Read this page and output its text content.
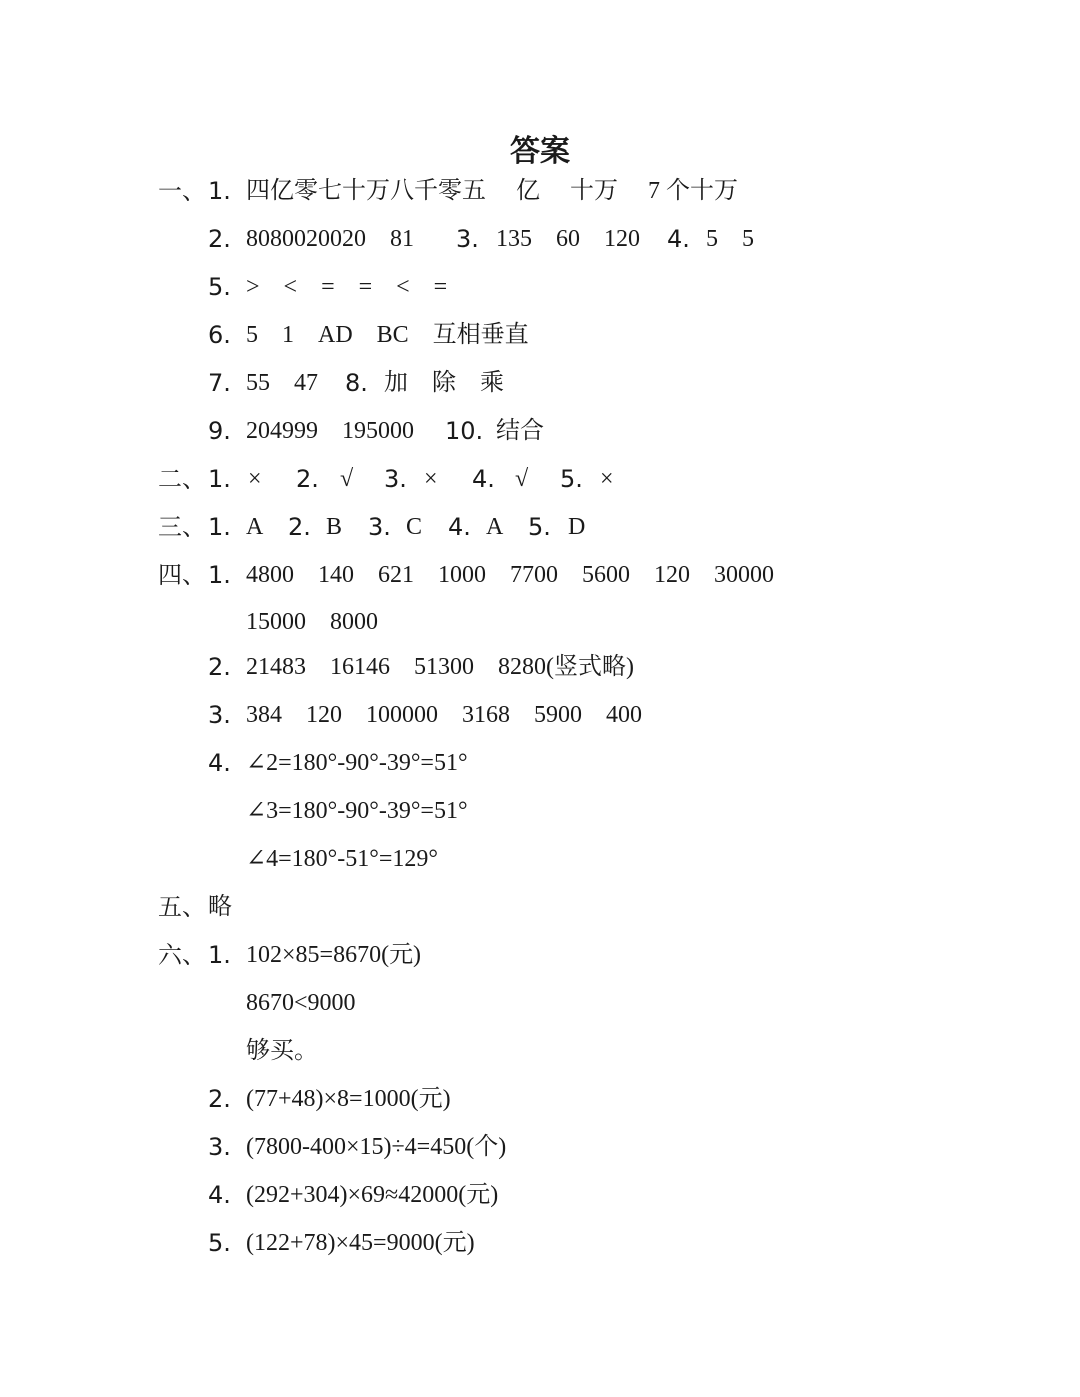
答案
一、 1. 四亿零七十万八千零五　 亿　 十万　 7 个十万
2. 8080020020　81 3. 135　60　120 4. 5　5
5. >　<　=　=　<　=
6. 5　1　AD　BC　互相垂直
7. 55　47 8. 加　除　乘
9. 204999　195000 10. 结合
二、 1. × 2. √ 3. × 4. √ 5. ×
三、 1. A 2. B 3. C 4. A 5. D
四、 1. 4800　140　621　1000　7700　5600　120　30000
15000　8000
2. 21483　16146　51300　8280(竖式略)
3. 384　120　100000　3168　5900　400
4. ∠2=180°-90°-39°=51°
∠3=180°-90°-39°=51°
∠4=180°-51°=129°
五、 略
六、 1. 102×85=8670(元)
8670<9000
够买。
2. (77+48)×8=1000(元)
3. (7800-400×15)÷4=450(个)
4. (292+304)×69≈42000(元)
5. (122+78)×45=9000(元)
